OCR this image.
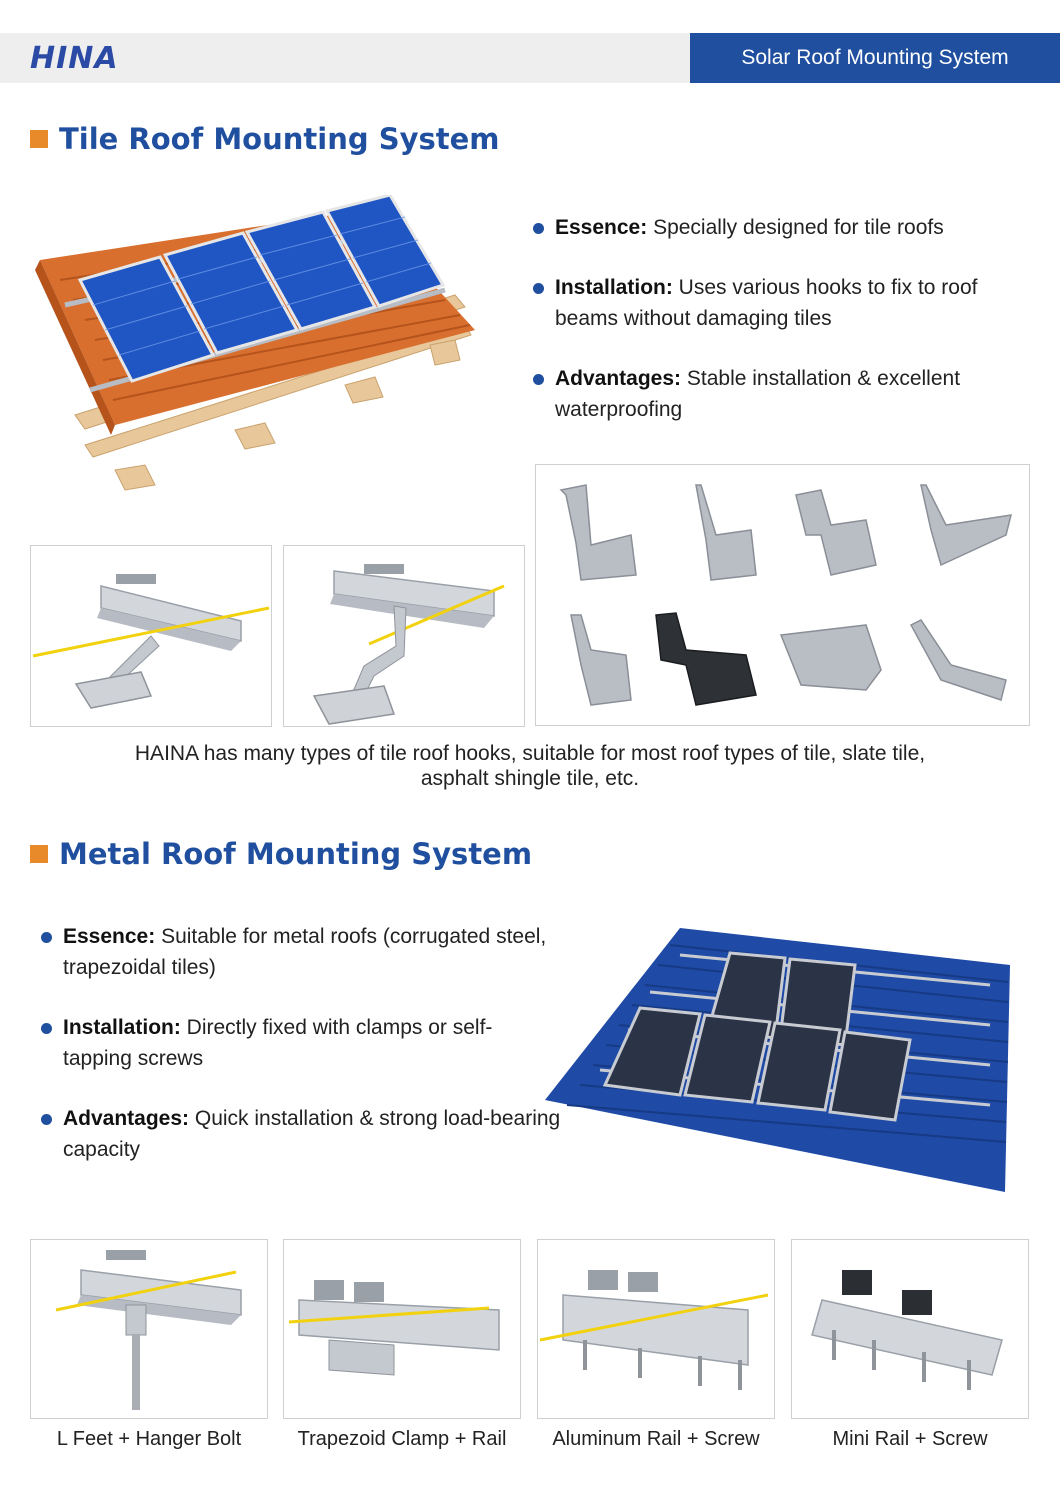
HINA	Solar Roof Mounting System
Tile Roof Mounting System
Essence: Specially designed for tile roofs
Installation: Uses various hooks to fix to roof beams without damaging tiles
Advantages: Stable installation & excellent waterproofing
HAINA has many types of tile roof hooks, suitable for most roof types of tile, slate tile,
asphalt shingle tile, etc.
Metal Roof Mounting System
Essence: Suitable for metal roofs (corrugated steel, trapezoidal tiles)
Installation: Directly fixed with clamps or self-tapping screws
Advantages: Quick installation & strong load-bearing capacity
L Feet + Hanger Bolt	Trapezoid Clamp + Rail	Aluminum Rail + Screw	Mini Rail + Screw
